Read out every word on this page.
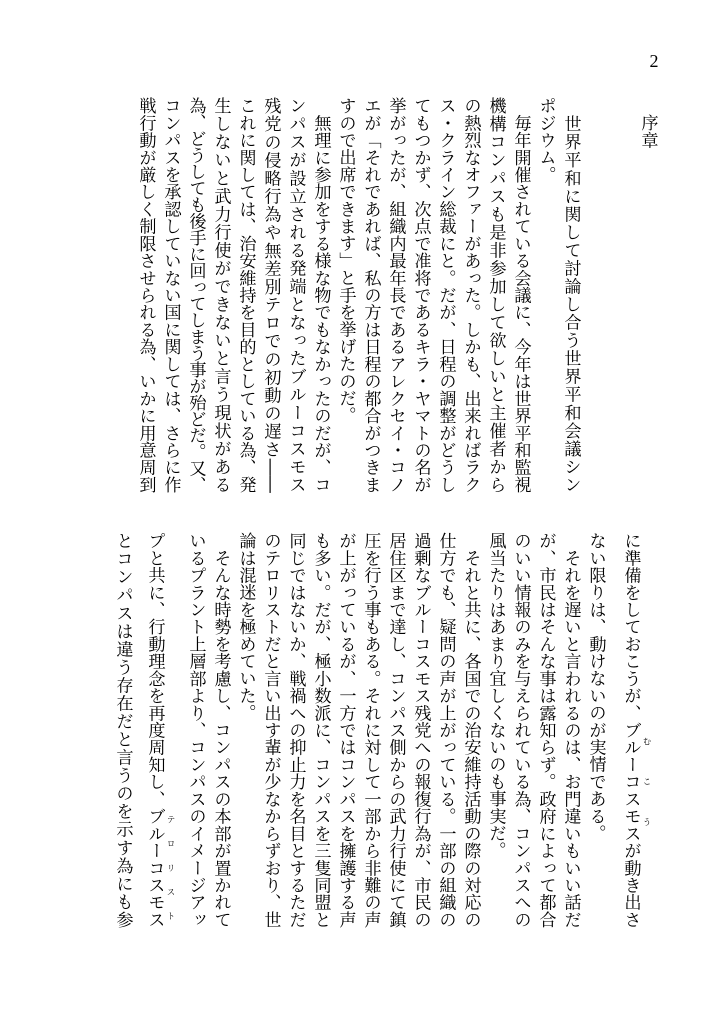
2
序章
　世界平和に関して討論し合う世界平和会議シン
ポジウム。
　毎年開催されている会議に、今年は世界平和監視
機構コンパスも是非参加して欲しいと主催者から
の熱烈なオファーがあった。しかも、出来ればラク
ス・クライン総裁にと。だが、日程の調整がどうし
てもつかず、次点で准将であるキラ・ヤマトの名が
挙がったが、組織内最年長であるアレクセイ・コノ
エが「それであれば、私の方は日程の都合がつきま
すので出席できます」と手を挙げたのだ。
　無理に参加をする様な物でもなかったのだが、コ
ンパスが設立される発端となったブルーコスモス
残党の侵略行為や無差別テロでの初動の遅さ――
これに関しては、治安維持を目的としている為、発
生しないと武力行使ができないと言う現状がある
為、どうしても後手に回ってしまう事が殆どだ。又、
コンパスを承認していない国に関しては、さらに作
戦行動が厳しく制限させられる為、いかに用意周到
に準備をしておこうが、ブルーコスモスが動き出さ むこう
ない限りは、動けないのが実情である。
　それを遅いと言われるのは、お門違いもいい話だ
が、市民はそんな事は露知らず。政府によって都合
のいい情報のみを与えられている為、コンパスへの
風当たりはあまり宜しくないのも事実だ。
　それと共に、各国での治安維持活動の際の対応の
仕方でも、疑問の声が上がっている。一部の組織の
過剰なブルーコスモス残党への報復行為が、市民の
居住区まで達し、コンパス側からの武力行使にて鎮
圧を行う事もある。それに対して一部から非難の声
が上がっているが、一方ではコンパスを擁護する声
も多い。だが、極小数派に、コンパスを三隻同盟と
同じではないか、戦禍への抑止力を名目とするただ
のテロリストだと言い出す輩が少なからずおり、世
論は混迷を極めていた。
　そんな時勢を考慮し、コンパスの本部が置かれて
いるプラント上層部より、コンパスのイメージアッ
プと共に、行動理念を再度周知し、ブルーコスモス テロリスト
とコンパスは違う存在だと言うのを示す為にも参
